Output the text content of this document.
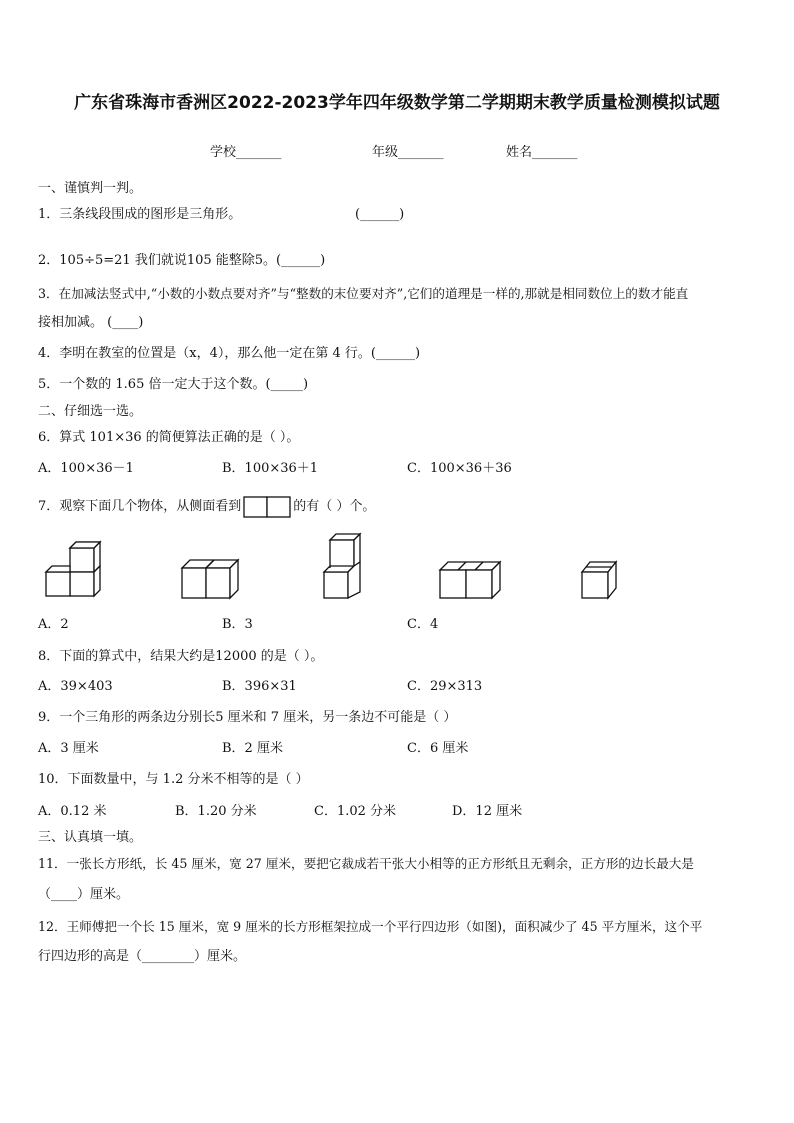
广东省珠海市香洲区2022-2023学年四年级数学第二学期期末教学质量检测模拟试题
学校_______	年级_______	姓名_______
一、谨慎判一判。
1．三条线段围成的图形是三角形。	(______)
2．105÷5=21 我们就说105 能整除5。(______)
3．在加减法竖式中,“小数的小数点要对齐”与“整数的末位要对齐”,它们的道理是一样的,那就是相同数位上的数才能直
接相加减。 (____)
4．李明在教室的位置是（x，4），那么他一定在第 4 行。(______)
5．一个数的 1.65 倍一定大于这个数。(_____)
二、仔细选一选。
6．算式 101×36 的简便算法正确的是（ ）。
A．100×36－1	B．100×36＋1	C．100×36＋36
7．观察下面几个物体，从侧面看到	的有（ ）个。
A．2	B．3	C．4
8．下面的算式中，结果大约是12000 的是（ ）。
A．39×403	B．396×31	C．29×313
9．一个三角形的两条边分别长5 厘米和 7 厘米，另一条边不可能是（ ）
A．3 厘米	B．2 厘米	C．6 厘米
10．下面数量中，与 1.2 分米不相等的是（ ）
A．0.12 米	B．1.20 分米	C．1.02 分米	D．12 厘米
三、认真填一填。
11．一张长方形纸，长 45 厘米，宽 27 厘米，要把它裁成若干张大小相等的正方形纸且无剩余，正方形的边长最大是
（____）厘米。
12．王师傅把一个长 15 厘米，宽 9 厘米的长方形框架拉成一个平行四边形（如图)，面积减少了 45 平方厘米，这个平
行四边形的高是（________）厘米。
